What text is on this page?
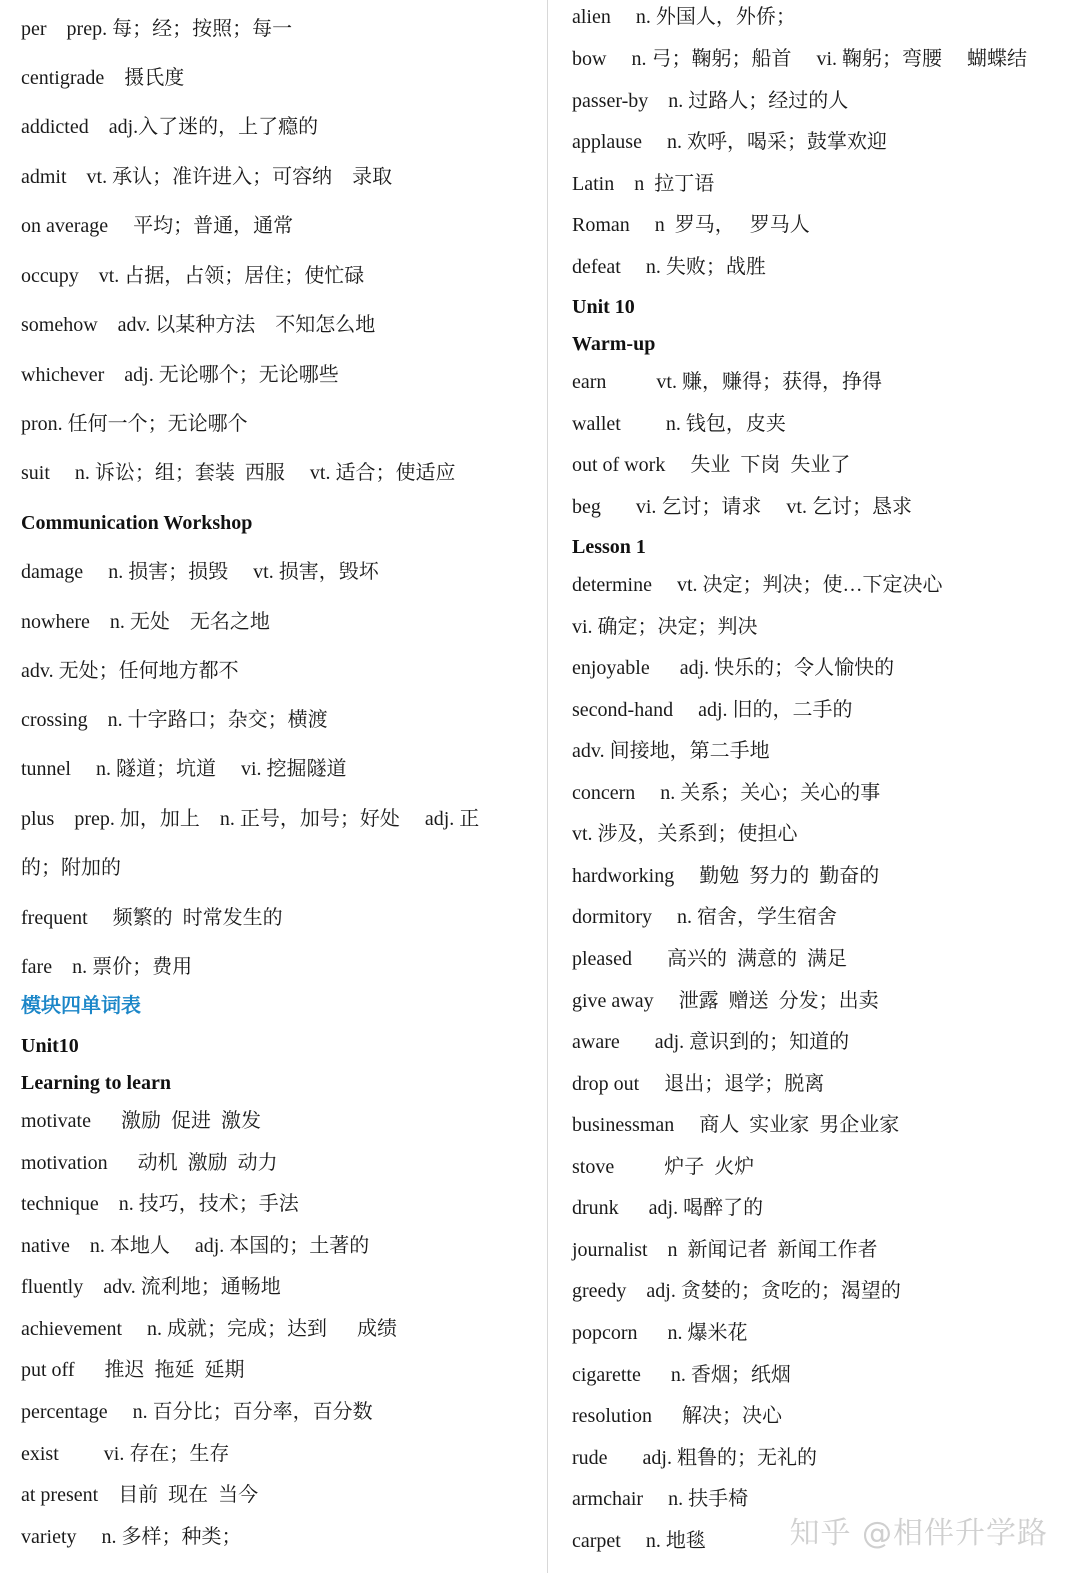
per    prep. 每；经；按照；每一
centigrade    摄氏度
addicted    adj.入了迷的，上了瘾的
admit    vt. 承认；准许进入；可容纳    录取
on average     平均；普通，通常
occupy    vt. 占据，占领；居住；使忙碌
somehow    adv. 以某种方法    不知怎么地
whichever    adj. 无论哪个；无论哪些
pron. 任何一个；无论哪个
suit     n. 诉讼；组；套装  西服     vt. 适合；使适应
Communication Workshop
damage     n. 损害；损毁     vt. 损害，毁坏
nowhere    n. 无处    无名之地
adv. 无处；任何地方都不
crossing    n. 十字路口；杂交；横渡
tunnel     n. 隧道；坑道     vi. 挖掘隧道
plus    prep. 加，加上    n. 正号，加号；好处     adj. 正
的；附加的
frequent     频繁的  时常发生的
fare    n. 票价；费用
模块四单词表
Unit10
Learning to learn
motivate      激励  促进  激发
motivation      动机  激励  动力
technique    n. 技巧，技术；手法
native    n. 本地人     adj. 本国的；土著的
fluently    adv. 流利地；通畅地
achievement     n. 成就；完成；达到      成绩
put off      推迟  拖延  延期
percentage     n. 百分比；百分率，百分数
exist         vi. 存在；生存
at present    目前  现在  当今
variety     n. 多样；种类；
alien     n. 外国人，外侨；
bow     n. 弓；鞠躬；船首     vi. 鞠躬；弯腰     蝴蝶结
passer-by    n. 过路人；经过的人
applause     n. 欢呼，喝采；鼓掌欢迎
Latin    n  拉丁语
Roman     n  罗马，   罗马人
defeat     n. 失败；战胜
Unit 10
Warm-up
earn          vt. 赚，赚得；获得，挣得
wallet         n. 钱包，皮夹
out of work     失业  下岗  失业了
beg       vi. 乞讨；请求     vt. 乞讨；恳求
Lesson 1
determine     vt. 决定；判决；使…下定决心
vi. 确定；决定；判决
enjoyable      adj. 快乐的；令人愉快的
second-hand     adj. 旧的，二手的
adv. 间接地，第二手地
concern     n. 关系；关心；关心的事
vt. 涉及，关系到；使担心
hardworking     勤勉  努力的  勤奋的
dormitory     n. 宿舍，学生宿舍
pleased       高兴的  满意的  满足
give away     泄露  赠送  分发；出卖
aware       adj. 意识到的；知道的
drop out     退出；退学；脱离
businessman     商人  实业家  男企业家
stove          炉子  火炉
drunk      adj. 喝醉了的
journalist    n  新闻记者  新闻工作者
greedy    adj. 贪婪的；贪吃的；渴望的
popcorn      n. 爆米花
cigarette      n. 香烟；纸烟
resolution      解决；决心
rude       adj. 粗鲁的；无礼的
armchair     n. 扶手椅
carpet     n. 地毯	知乎 @相伴升学路
